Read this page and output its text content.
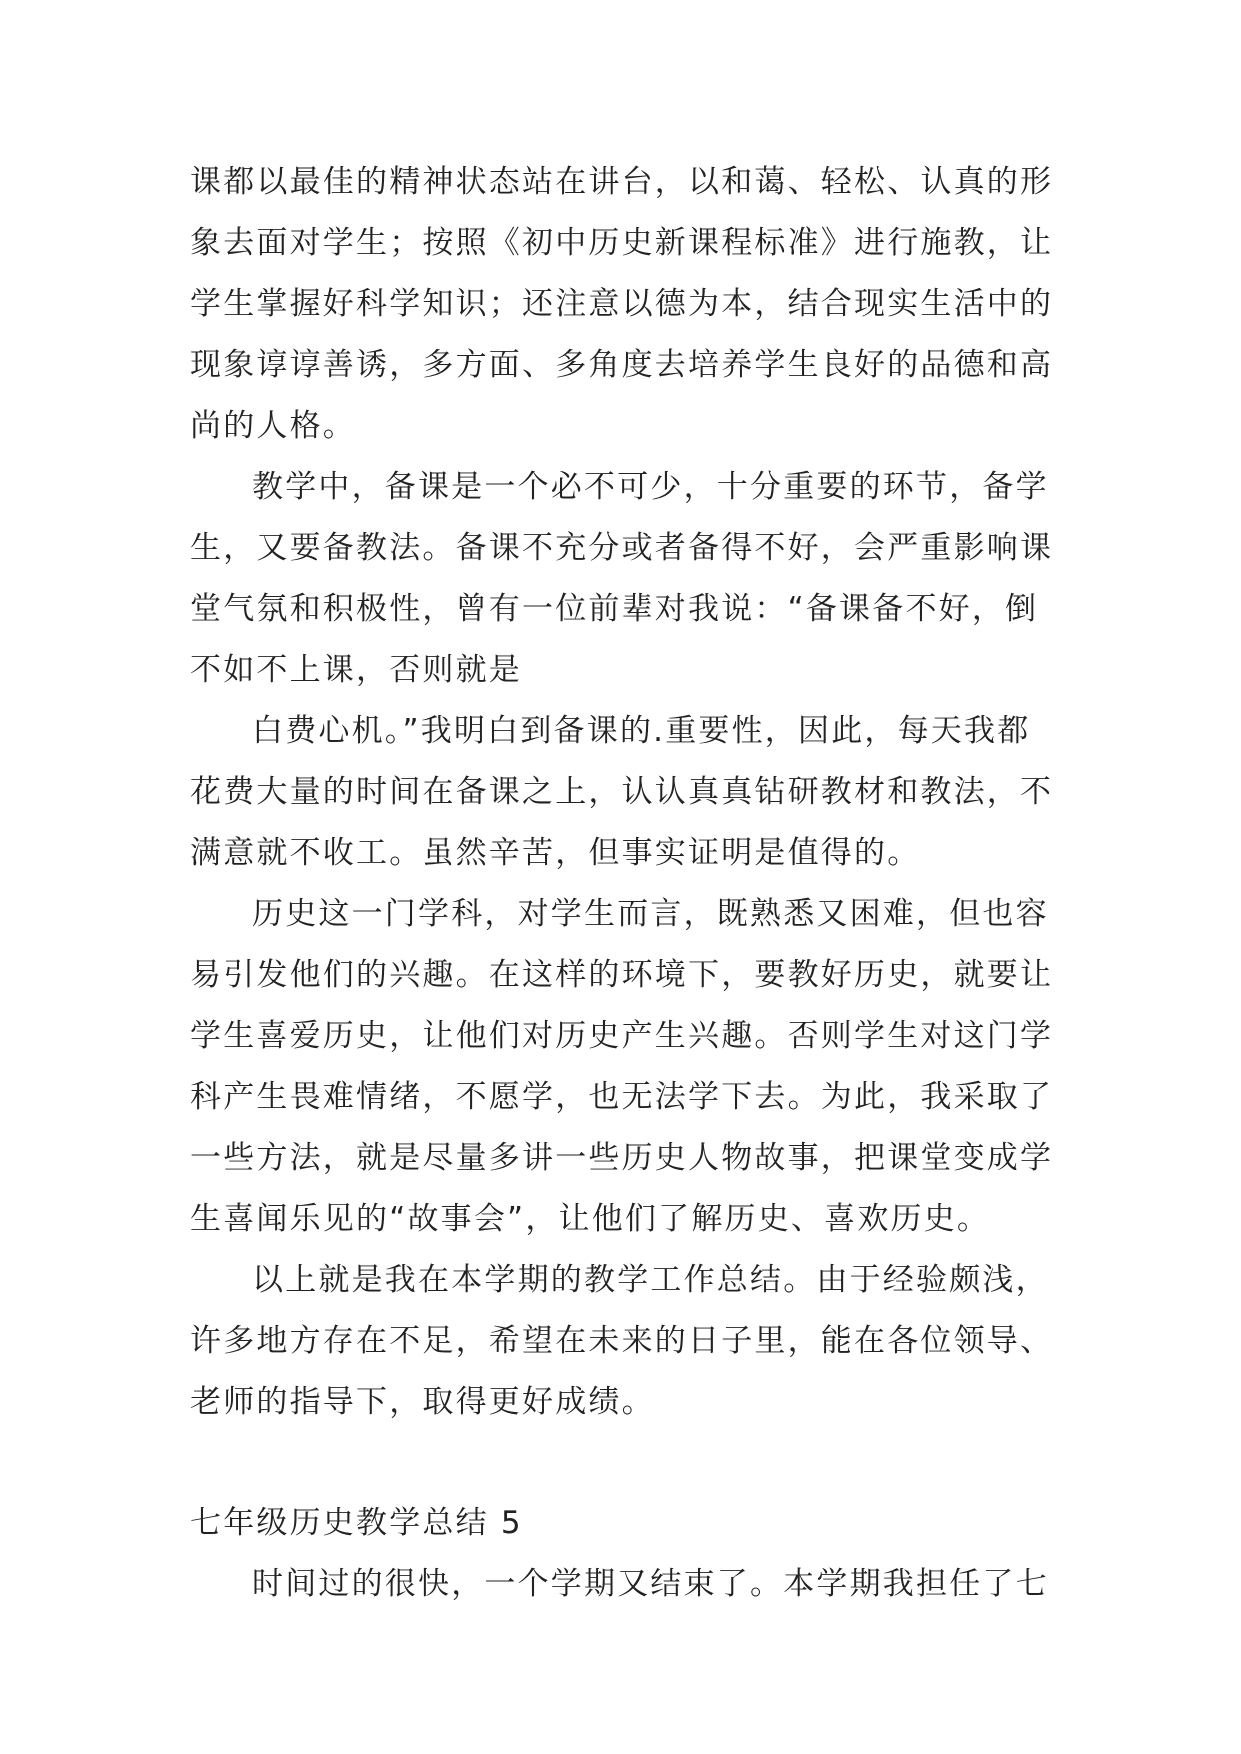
课都以最佳的精神状态站在讲台，以和蔼、轻松、认真的形
象去面对学生；按照《初中历史新课程标准》进行施教，让
学生掌握好科学知识；还注意以德为本，结合现实生活中的
现象谆谆善诱，多方面、多角度去培养学生良好的品德和高
尚的人格。
教学中，备课是一个必不可少，十分重要的环节，备学
生，又要备教法。备课不充分或者备得不好，会严重影响课
堂气氛和积极性，曾有一位前辈对我说：“备课备不好，倒
不如不上课，否则就是
白费心机。”我明白到备课的.重要性，因此，每天我都
花费大量的时间在备课之上，认认真真钻研教材和教法，不
满意就不收工。虽然辛苦，但事实证明是值得的。
历史这一门学科，对学生而言，既熟悉又困难，但也容
易引发他们的兴趣。在这样的环境下，要教好历史，就要让
学生喜爱历史，让他们对历史产生兴趣。否则学生对这门学
科产生畏难情绪，不愿学，也无法学下去。为此，我采取了
一些方法，就是尽量多讲一些历史人物故事，把课堂变成学
生喜闻乐见的“故事会”，让他们了解历史、喜欢历史。
以上就是我在本学期的教学工作总结。由于经验颇浅，
许多地方存在不足，希望在未来的日子里，能在各位领导、
老师的指导下，取得更好成绩。
七年级历史教学总结 5
时间过的很快，一个学期又结束了。本学期我担任了七
